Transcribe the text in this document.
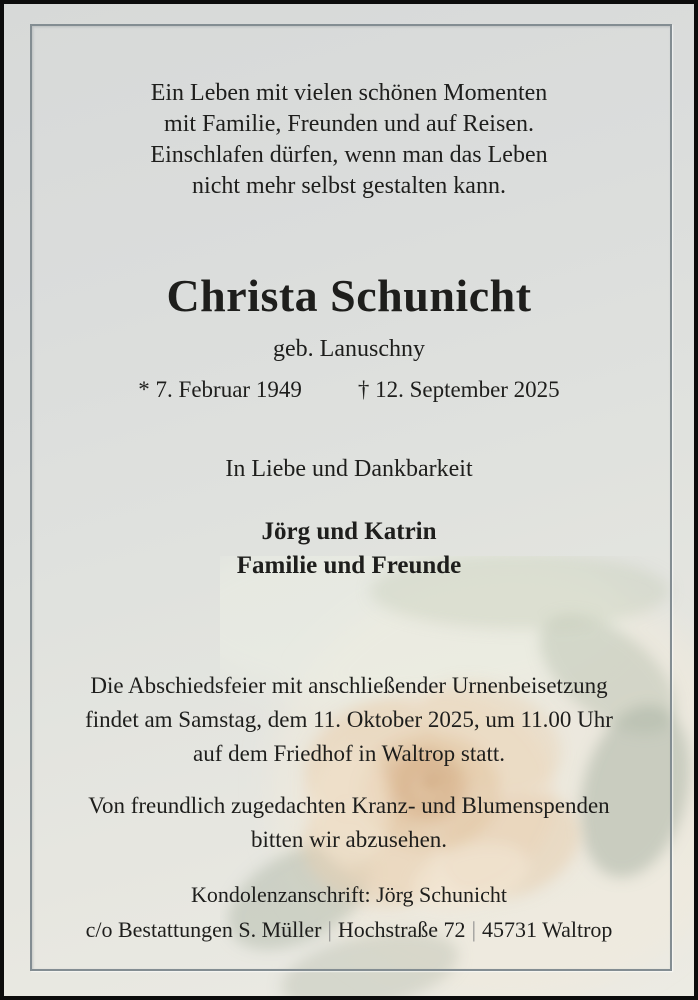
Ein Leben mit vielen schönen Momenten
mit Familie, Freunden und auf Reisen.
Einschlafen dürfen, wenn man das Leben
nicht mehr selbst gestalten kann.
Christa Schunicht
geb. Lanuschny
* 7. Februar 1949 † 12. September 2025
In Liebe und Dankbarkeit
Jörg und Katrin
Familie und Freunde
Die Abschiedsfeier mit anschließender Urnenbeisetzung
findet am Samstag, dem 11. Oktober 2025, um 11.00 Uhr
auf dem Friedhof in Waltrop statt.
Von freundlich zugedachten Kranz- und Blumenspenden
bitten wir abzusehen.
Kondolenzanschrift: Jörg Schunicht
c/o Bestattungen S. Müller | Hochstraße 72 | 45731 Waltrop
